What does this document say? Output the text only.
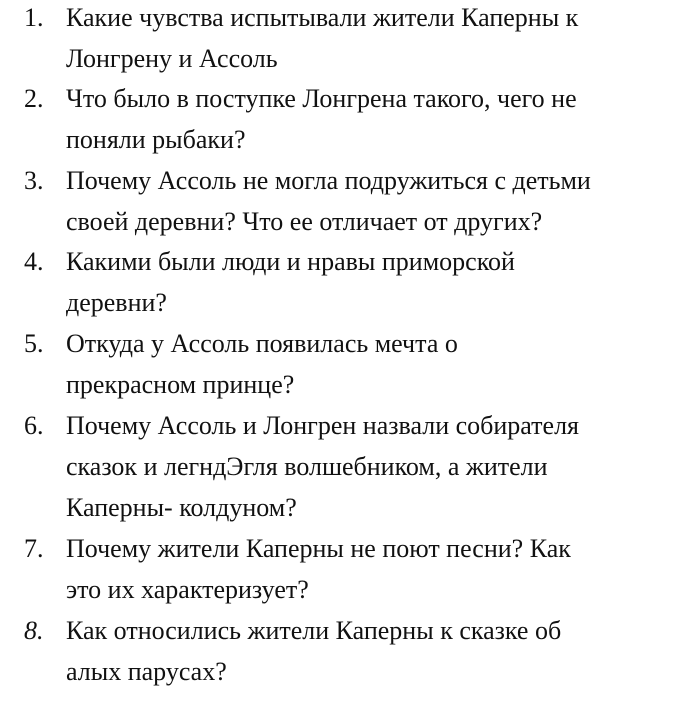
1. Какие чувства испытывали жители Каперны к
Лонгрену и Ассоль
2. Что было в поступке Лонгрена такого, чего не
поняли рыбаки?
3. Почему Ассоль не могла подружиться с детьми
своей деревни? Что ее отличает от других?
4. Какими были люди и нравы приморской
деревни?
5. Откуда у Ассоль появилась мечта о
прекрасном принце?
6. Почему Ассоль и Лонгрен назвали собирателя
сказок и легндЭгля волшебником, а жители
Каперны- колдуном?
7. Почему жители Каперны не поют песни? Как
это их характеризует?
8. Как относились жители Каперны к сказке об
алых парусах?
